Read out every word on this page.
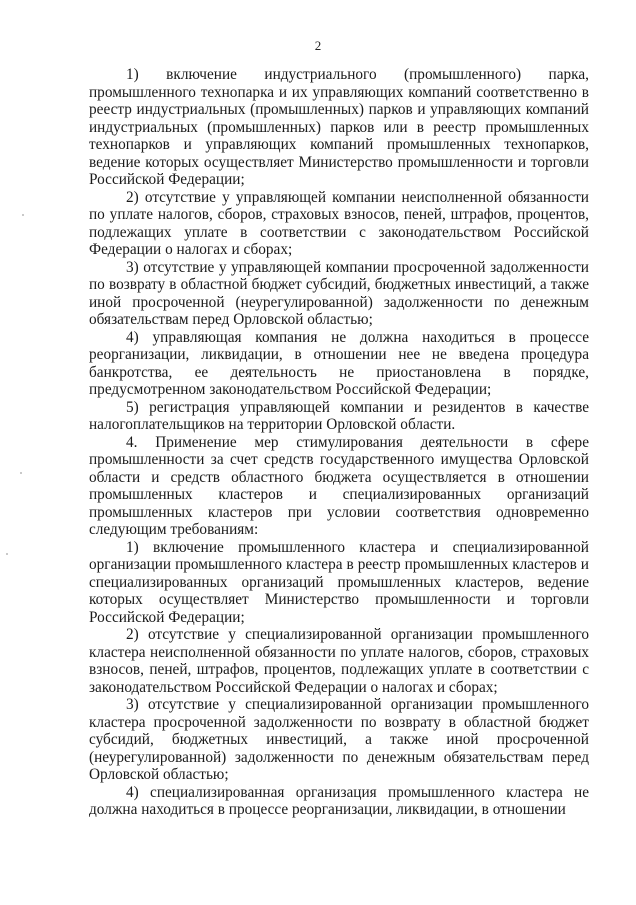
2

1) включение индустриального (промышленного) парка, промышленного технопарка и их управляющих компаний соответственно в реестр индустриальных (промышленных) парков и управляющих компаний индустриальных (промышленных) парков или в реестр промышленных технопарков и управляющих компаний промышленных технопарков, ведение которых осуществляет Министерство промышленности и торговли Российской Федерации;

2) отсутствие у управляющей компании неисполненной обязанности по уплате налогов, сборов, страховых взносов, пеней, штрафов, процентов, подлежащих уплате в соответствии с законодательством Российской Федерации о налогах и сборах;

3) отсутствие у управляющей компании просроченной задолженности по возврату в областной бюджет субсидий, бюджетных инвестиций, а также иной просроченной (неурегулированной) задолженности по денежным обязательствам перед Орловской областью;

4) управляющая компания не должна находиться в процессе реорганизации, ликвидации, в отношении нее не введена процедура банкротства, ее деятельность не приостановлена в порядке, предусмотренном законодательством Российской Федерации;

5) регистрация управляющей компании и резидентов в качестве налогоплательщиков на территории Орловской области.

4. Применение мер стимулирования деятельности в сфере промышленности за счет средств государственного имущества Орловской области и средств областного бюджета осуществляется в отношении промышленных кластеров и специализированных организаций промышленных кластеров при условии соответствия одновременно следующим требованиям:

1) включение промышленного кластера и специализированной организации промышленного кластера в реестр промышленных кластеров и специализированных организаций промышленных кластеров, ведение которых осуществляет Министерство промышленности и торговли Российской Федерации;

2) отсутствие у специализированной организации промышленного кластера неисполненной обязанности по уплате налогов, сборов, страховых взносов, пеней, штрафов, процентов, подлежащих уплате в соответствии с законодательством Российской Федерации о налогах и сборах;

3) отсутствие у специализированной организации промышленного кластера просроченной задолженности по возврату в областной бюджет субсидий, бюджетных инвестиций, а также иной просроченной (неурегулированной) задолженности по денежным обязательствам перед Орловской областью;

4) специализированная организация промышленного кластера не должна находиться в процессе реорганизации, ликвидации, в отношении
